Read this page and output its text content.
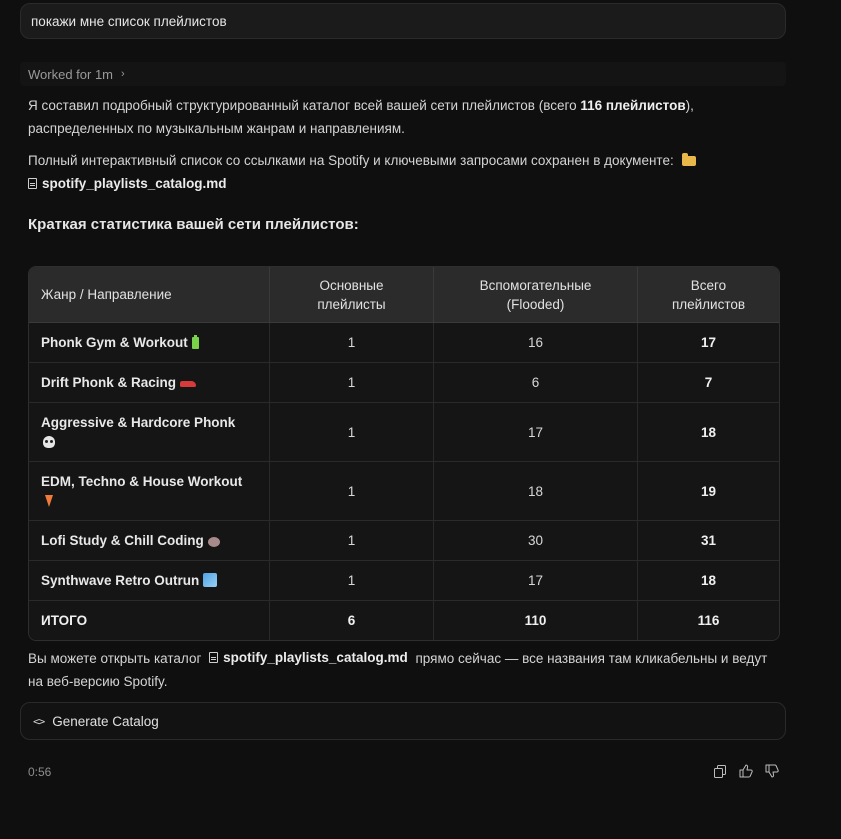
покажи мне список плейлистов
Worked for 1m ›
Я составил подробный структурированный каталог всей вашей сети плейлистов (всего 116 плейлистов), распределенных по музыкальным жанрам и направлениям.
Полный интерактивный список со ссылками на Spotify и ключевыми запросами сохранен в документе:

spotify_playlists_catalog.md
Краткая статистика вашей сети плейлистов:
Жанр / Направление	Основные плейлисты	Вспомогательные (Flooded)	Всего плейлистов

Phonk Gym & Workout	1	16	17
Drift Phonk & Racing	1	6	7
Aggressive & Hardcore Phonk	1	17	18
EDM, Techno & House Workout	1	18	19
Lofi Study & Chill Coding	1	30	31
Synthwave Retro Outrun	1	17	18
ИТОГО	6	110	116
Вы можете открыть каталог spotify_playlists_catalog.md прямо сейчас — все названия там кликабельны и ведут на веб-версию Spotify.
<> Generate Catalog
0:56
